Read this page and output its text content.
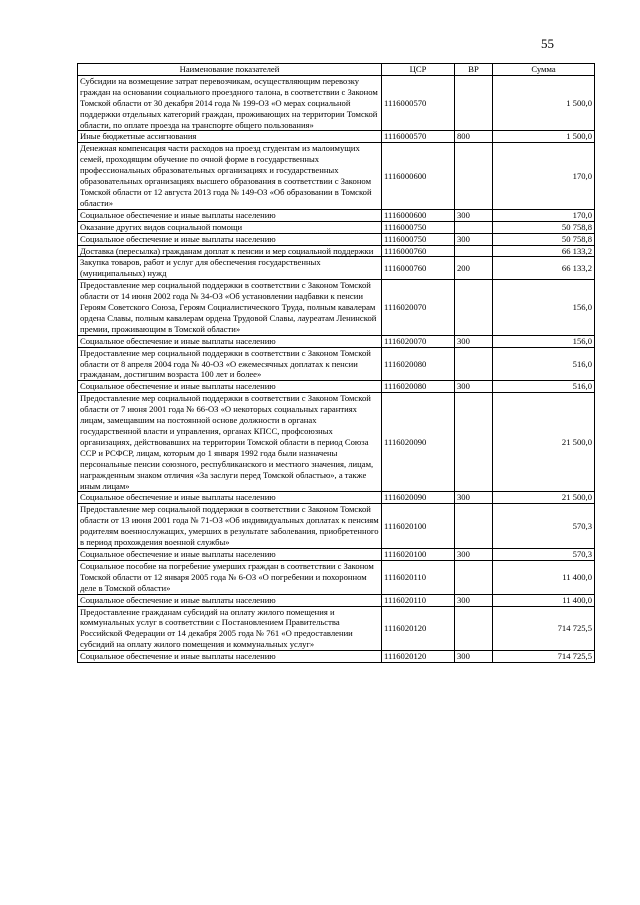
55
Наименование показателей	ЦСР	ВР	Сумма
Субсидии на возмещение затрат перевозчикам, осуществляющим перевозку граждан на основании социального проездного талона, в соответствии с Законом Томской области от 30 декабря 2014 года № 199-ОЗ «О мерах социальной поддержки отдельных категорий граждан, проживающих на территории Томской области, по оплате проезда на транспорте общего пользования»	1116000570		1 500,0
Иные бюджетные ассигнования	1116000570	800	1 500,0
Денежная компенсация части расходов на проезд студентам из малоимущих семей, проходящим обучение по очной форме в государственных профессиональных образовательных организациях и государственных образовательных организациях высшего образования в соответствии с Законом Томской области от 12 августа 2013 года № 149-ОЗ «Об образовании в Томской области»	1116000600		170,0
Социальное обеспечение и иные выплаты населению	1116000600	300	170,0
Оказание других видов социальной помощи	1116000750		50 758,8
Социальное обеспечение и иные выплаты населению	1116000750	300	50 758,8
Доставка (пересылка) гражданам доплат к пенсии и мер социальной поддержки	1116000760		66 133,2
Закупка товаров, работ и услуг для обеспечения государственных (муниципальных) нужд	1116000760	200	66 133,2
Предоставление мер социальной поддержки в соответствии с Законом Томской области от 14 июня 2002 года № 34-ОЗ «Об установлении надбавки к пенсии Героям Советского Союза, Героям Социалистического Труда, полным кавалерам ордена Славы, полным кавалерам ордена Трудовой Славы, лауреатам Ленинской премии, проживающим в Томской области»	1116020070		156,0
Социальное обеспечение и иные выплаты населению	1116020070	300	156,0
Предоставление мер социальной поддержки в соответствии с Законом Томской области от 8 апреля 2004 года № 40-ОЗ «О ежемесячных доплатах к пенсии гражданам, достигшим возраста 100 лет и более»	1116020080		516,0
Социальное обеспечение и иные выплаты населению	1116020080	300	516,0
Предоставление мер социальной поддержки в соответствии с Законом Томской области от 7 июня 2001 года № 66-ОЗ «О некоторых социальных гарантиях лицам, замещавшим на постоянной основе должности в органах государственной власти и управления, органах КПСС, профсоюзных организациях, действовавших на территории Томской области в период Союза ССР и РСФСР, лицам, которым до 1 января 1992 года были назначены персональные пенсии союзного, республиканского и местного значения, лицам, награжденным знаком отличия «За заслуги перед Томской областью», а также иным лицам»	1116020090		21 500,0
Социальное обеспечение и иные выплаты населению	1116020090	300	21 500,0
Предоставление мер социальной поддержки в соответствии с Законом Томской области от 13 июня 2001 года № 71-ОЗ «Об индивидуальных доплатах к пенсиям родителям военнослужащих, умерших в результате заболевания, приобретенного в период прохождения военной службы»	1116020100		570,3
Социальное обеспечение и иные выплаты населению	1116020100	300	570,3
Социальное пособие на погребение умерших граждан в соответствии с Законом Томской области от 12 января 2005 года № 6-ОЗ «О погребении и похоронном деле в Томской области»	1116020110		11 400,0
Социальное обеспечение и иные выплаты населению	1116020110	300	11 400,0
Предоставление гражданам субсидий на оплату жилого помещения и коммунальных услуг в соответствии с Постановлением Правительства Российской Федерации от 14 декабря 2005 года № 761 «О предоставлении субсидий на оплату жилого помещения и коммунальных услуг»	1116020120		714 725,5
Социальное обеспечение и иные выплаты населению	1116020120	300	714 725,5
